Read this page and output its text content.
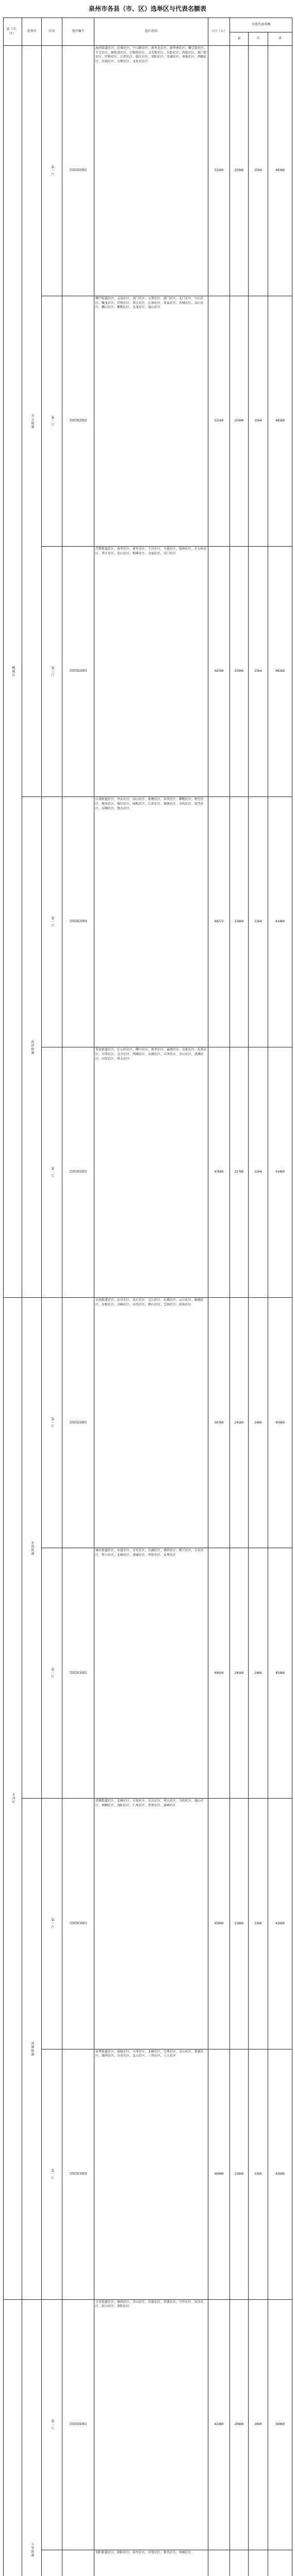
泉州市各县（市、区）选举区与代表名额表
县（市、区）	选举区	区块	选区编号	选区范围	人口（人）	应选代表名额		
						县	市	省
鲤城区	开元街道	第一片	350502001	海滨街道社区、后城社区、中山路社区、新华北社区、新华南社区、聚宝街社区、开元社区、镇抚巷社区、打锡巷社区、义全街社区、东街社区、西街社区、新门街社区、浮桥社区、江滨社区、临江社区、双阳社区、金浦社区、南俊社区、西隅社区、崇福社区、古榕社区、文化宫社区	53260	25946	2564	48368
		第二片	350502002	鲤中街道社区、义泉社区、南门社区、五堡社区、新门社区、北门社区、中山社区、聚龙社区、浮桥社区、笋江社区、江南社区、常泰社区、杏林社区、高山社区、鹏山社区、紫帽社区、金龙社区、福山社区	52160	25940	2564	48368
		第三片	350502003	浮桥街道社区、黄甲社区、新步社区、王宫社区、玉霞社区、霞洲社区、仕公岭社区、笋江社区、金山社区、梅峰社区、金福社区、东门社区	48780	25946	2564	48368
	海滨街道	第一片	350502004	江南街道社区、亭店社区、高山社区、新塘社区、浔美社区、紫帽社区、梧宅社区、树兜社区、锦田社区、园坂社区、江滨社区、城南社区、金屿社区、霞美社区、浔埔社区、鲁东社区	48272	22860	2264	41460
		第二片	350502005	常泰街道社区、仕公岭社区、鲤中社区、新华社区、通港社区、东街社区、后坂社区、甘棠社区、义全社区、西湖社区、东湖社区、丰泽社区、金山社区、清源社区、田安社区、华大社区	47680	22760	2264	41460
丰泽区	东海街道	第一片	350503001	东海街道社区、东星社区、法石社区、宝山社区、后埔社区、云山社区、蟳埔社区、东梅社区、金崎社区、浔美社区、群石社区、宝洲社区、滨海社区	50760	24560	2460	45960
		第二片	350503002	城东街道社区、东霞社区、金星社区、东湖社区、浦西社区、新兴社区、丰东社区、坪山社区、北峰社区、清濛社区、华侨社区、泉秀社区	49920	24560	2460	45960
	清源街道	第一片	350503003	清源街道社区、北峰社区、丰海社区、东岳社区、华大社区、乌屿社区、湖心社区、刺桐社区、洛阳社区、仁凤社区、普贤社区、森林社区	45960	21860	2360	42680
		第二片	350503004	泉秀街道社区、温陵社区、丰泽社区、北峰社区、宝秀社区、金山社区、霞淮社区、浦西社区、田安社区、北山社区、三邦社区、八九社区	46880	21860	2360	42680
	万安街道	第一片	350504001	万安街道社区、塘西社区、浮山社区、后郭社区、罗溪社区、马甲社区、河市社区、虹山社区、双阳社区	42480	20860	2060	38960
		双阳街道社区、朝阳社区、前亭社区、许厝社区、群英社区、南埔社区				
